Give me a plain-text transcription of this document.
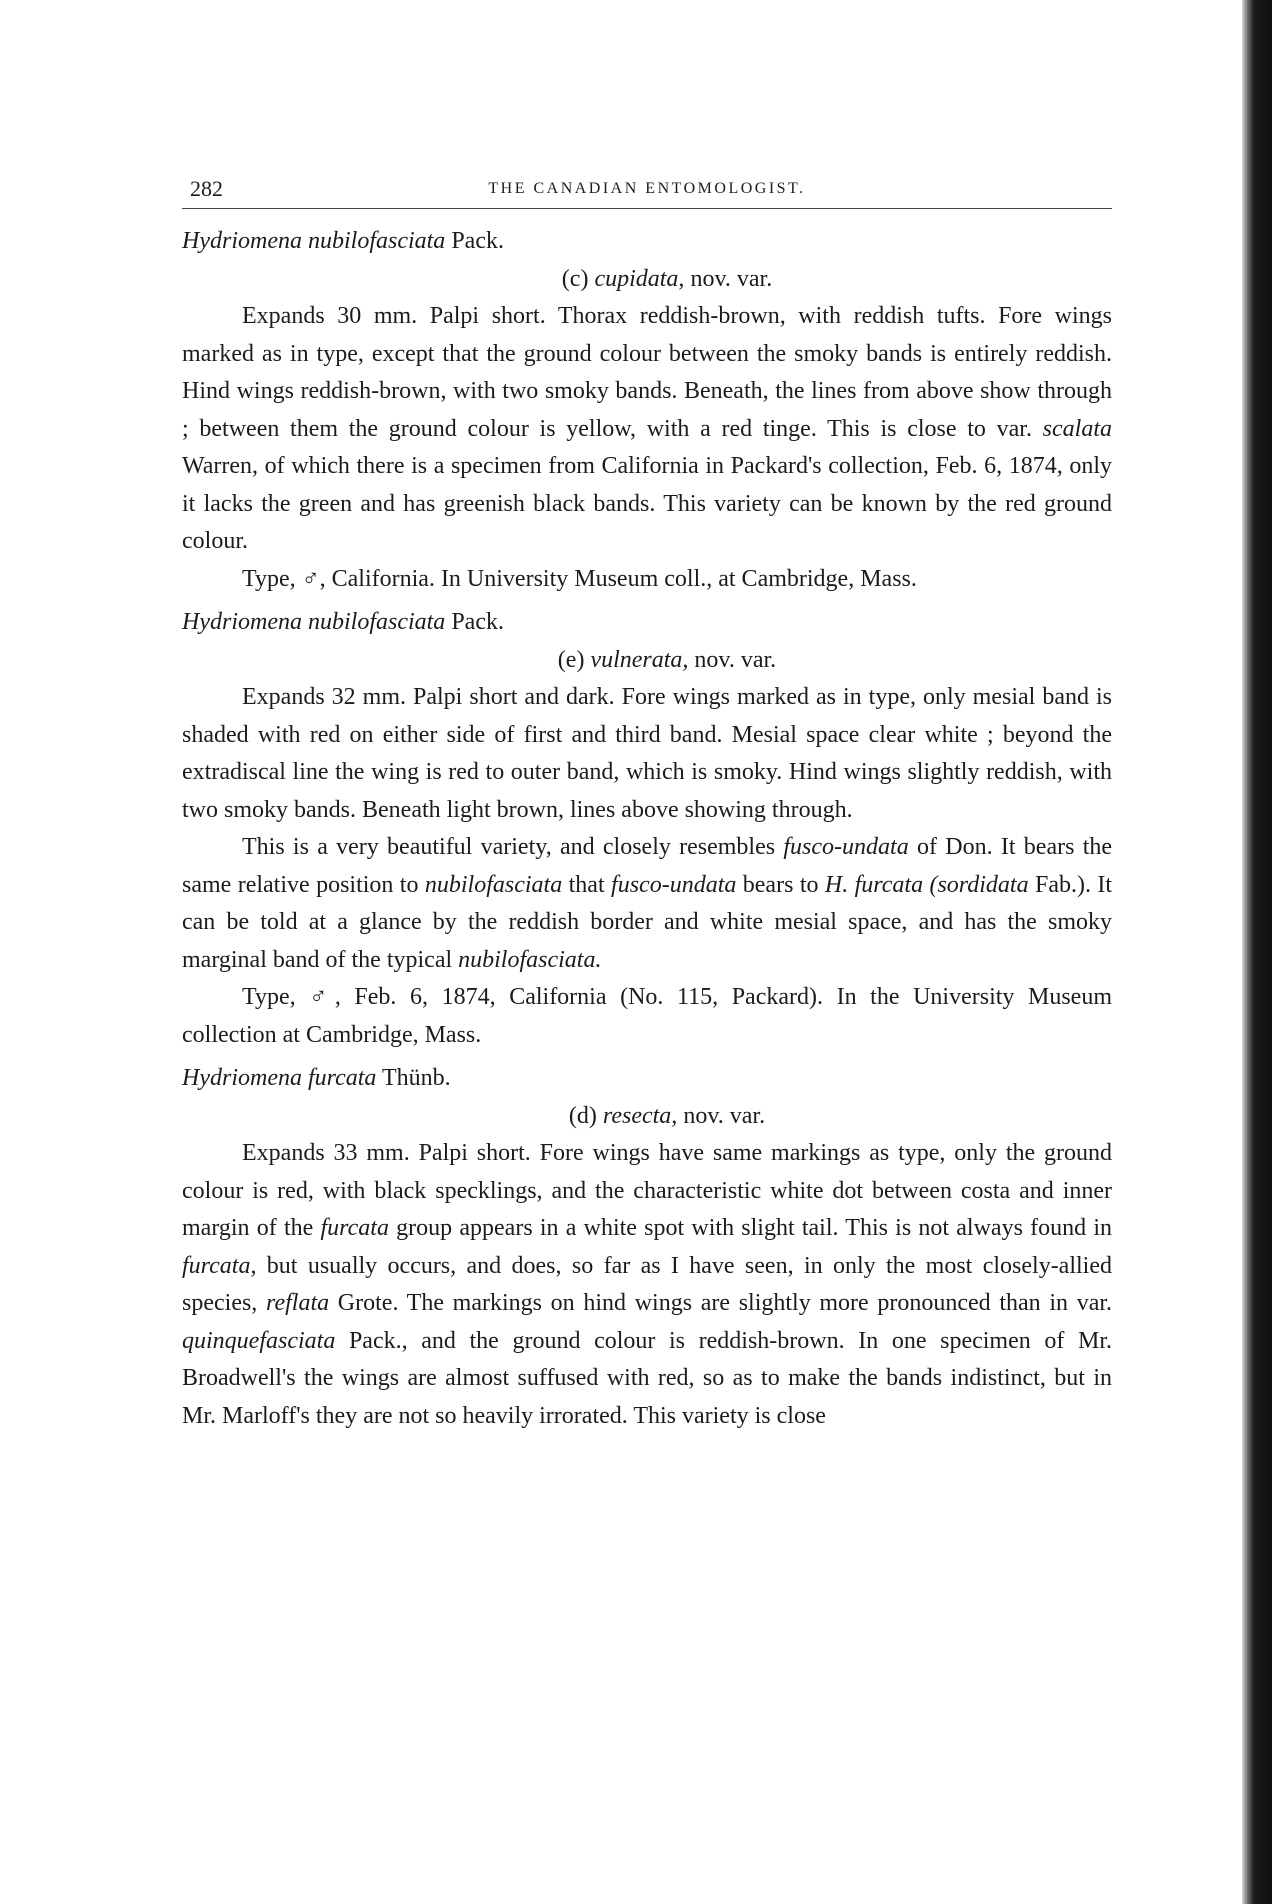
282	THE CANADIAN ENTOMOLOGIST.

Hydriomena nubilofasciata Pack.

(c) cupidata, nov. var.

Expands 30 mm. Palpi short. Thorax reddish-brown, with reddish tufts. Fore wings marked as in type, except that the ground colour between the smoky bands is entirely reddish. Hind wings reddish-brown, with two smoky bands. Beneath, the lines from above show through ; between them the ground colour is yellow, with a red tinge. This is close to var. scalata Warren, of which there is a specimen from California in Packard's collection, Feb. 6, 1874, only it lacks the green and has greenish black bands. This variety can be known by the red ground colour.

Type, ♂, California. In University Museum coll., at Cambridge, Mass.

Hydriomena nubilofasciata Pack.

(e) vulnerata, nov. var.

Expands 32 mm. Palpi short and dark. Fore wings marked as in type, only mesial band is shaded with red on either side of first and third band. Mesial space clear white ; beyond the extradiscal line the wing is red to outer band, which is smoky. Hind wings slightly reddish, with two smoky bands. Beneath light brown, lines above showing through.

This is a very beautiful variety, and closely resembles fusco-undata of Don. It bears the same relative position to nubilofasciata that fusco-undata bears to H. furcata (sordidata Fab.). It can be told at a glance by the reddish border and white mesial space, and has the smoky marginal band of the typical nubilofasciata.

Type, ♂, Feb. 6, 1874, California (No. 115, Packard). In the University Museum collection at Cambridge, Mass.

Hydriomena furcata Thünb.

(d) resecta, nov. var.

Expands 33 mm. Palpi short. Fore wings have same markings as type, only the ground colour is red, with black specklings, and the characteristic white dot between costa and inner margin of the furcata group appears in a white spot with slight tail. This is not always found in furcata, but usually occurs, and does, so far as I have seen, in only the most closely-allied species, reflata Grote. The markings on hind wings are slightly more pronounced than in var. quinquefasciata Pack., and the ground colour is reddish-brown. In one specimen of Mr. Broadwell's the wings are almost suffused with red, so as to make the bands indistinct, but in Mr. Marloff's they are not so heavily irrorated. This variety is close
